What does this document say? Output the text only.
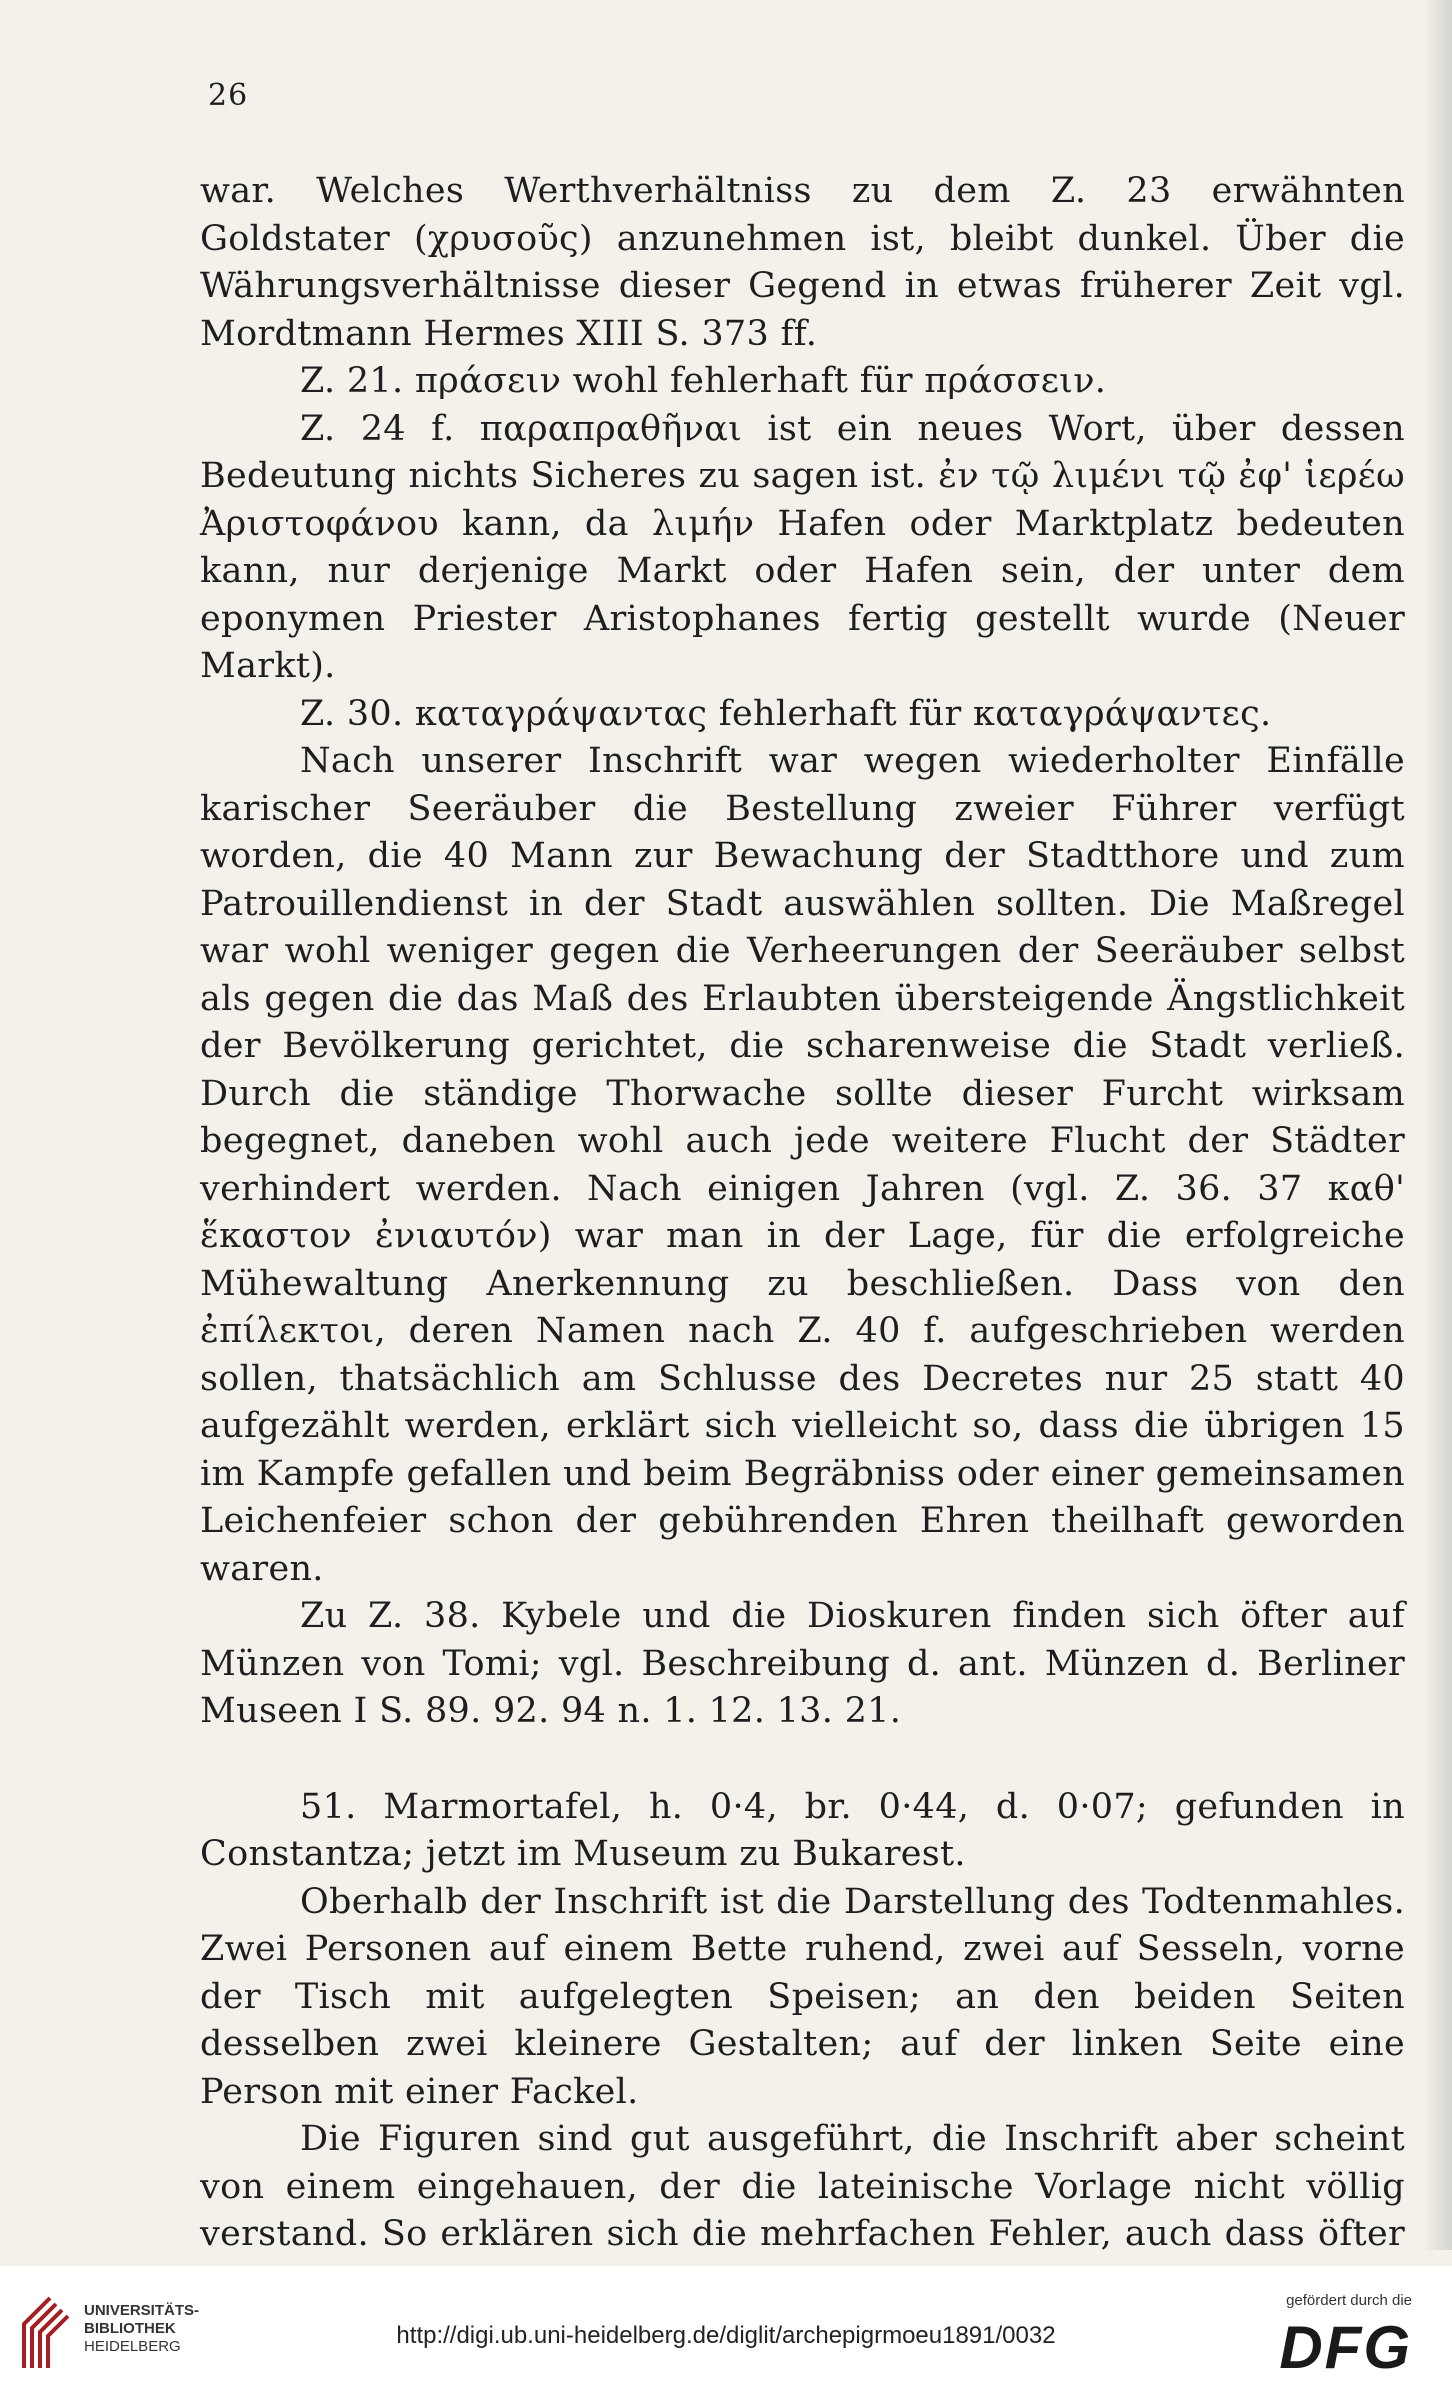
26

war. Welches Werthverhältniss zu dem Z. 23 erwähnten Goldstater (χρυσοῦς) anzunehmen ist, bleibt dunkel. Über die Währungsverhältnisse dieser Gegend in etwas früherer Zeit vgl. Mordtmann Hermes XIII S. 373 ff.

Z. 21. πράσειν wohl fehlerhaft für πράσσειν.

Z. 24 f. παραπραθῆναι ist ein neues Wort, über dessen Bedeutung nichts Sicheres zu sagen ist. ἐν τῷ λιμένι τῷ ἐφ' ἱερέω Ἀριστοφάνου kann, da λιμήν Hafen oder Marktplatz bedeuten kann, nur derjenige Markt oder Hafen sein, der unter dem eponymen Priester Aristophanes fertig gestellt wurde (Neuer Markt).

Z. 30. καταγράψαντας fehlerhaft für καταγράψαντες.

Nach unserer Inschrift war wegen wiederholter Einfälle karischer Seeräuber die Bestellung zweier Führer verfügt worden, die 40 Mann zur Bewachung der Stadtthore und zum Patrouillendienst in der Stadt auswählen sollten. Die Maßregel war wohl weniger gegen die Verheerungen der Seeräuber selbst als gegen die das Maß des Erlaubten übersteigende Ängstlichkeit der Bevölkerung gerichtet, die scharenweise die Stadt verließ. Durch die ständige Thorwache sollte dieser Furcht wirksam begegnet, daneben wohl auch jede weitere Flucht der Städter verhindert werden. Nach einigen Jahren (vgl. Z. 36. 37 καθ' ἕκαστον ἐνιαυτόν) war man in der Lage, für die erfolgreiche Mühewaltung Anerkennung zu beschließen. Dass von den ἐπίλεκτοι, deren Namen nach Z. 40 f. aufgeschrieben werden sollen, thatsächlich am Schlusse des Decretes nur 25 statt 40 aufgezählt werden, erklärt sich vielleicht so, dass die übrigen 15 im Kampfe gefallen und beim Begräbniss oder einer gemeinsamen Leichenfeier schon der gebührenden Ehren theilhaft geworden waren.

Zu Z. 38. Kybele und die Dioskuren finden sich öfter auf Münzen von Tomi; vgl. Beschreibung d. ant. Münzen d. Berliner Museen I S. 89. 92. 94 n. 1. 12. 13. 21.

51. Marmortafel, h. 0·4, br. 0·44, d. 0·07; gefunden in Constantza; jetzt im Museum zu Bukarest.

Oberhalb der Inschrift ist die Darstellung des Todtenmahles. Zwei Personen auf einem Bette ruhend, zwei auf Sesseln, vorne der Tisch mit aufgelegten Speisen; an den beiden Seiten desselben zwei kleinere Gestalten; auf der linken Seite eine Person mit einer Fackel.

Die Figuren sind gut ausgeführt, die Inschrift aber scheint von einem eingehauen, der die lateinische Vorlage nicht völlig verstand. So erklären sich die mehrfachen Fehler, auch dass öfter

UNIVERSITÄTS-
BIBLIOTHEK
HEIDELBERG	http://digi.ub.uni-heidelberg.de/diglit/archepigrmoeu1891/0032
gefördert durch die
DFG
